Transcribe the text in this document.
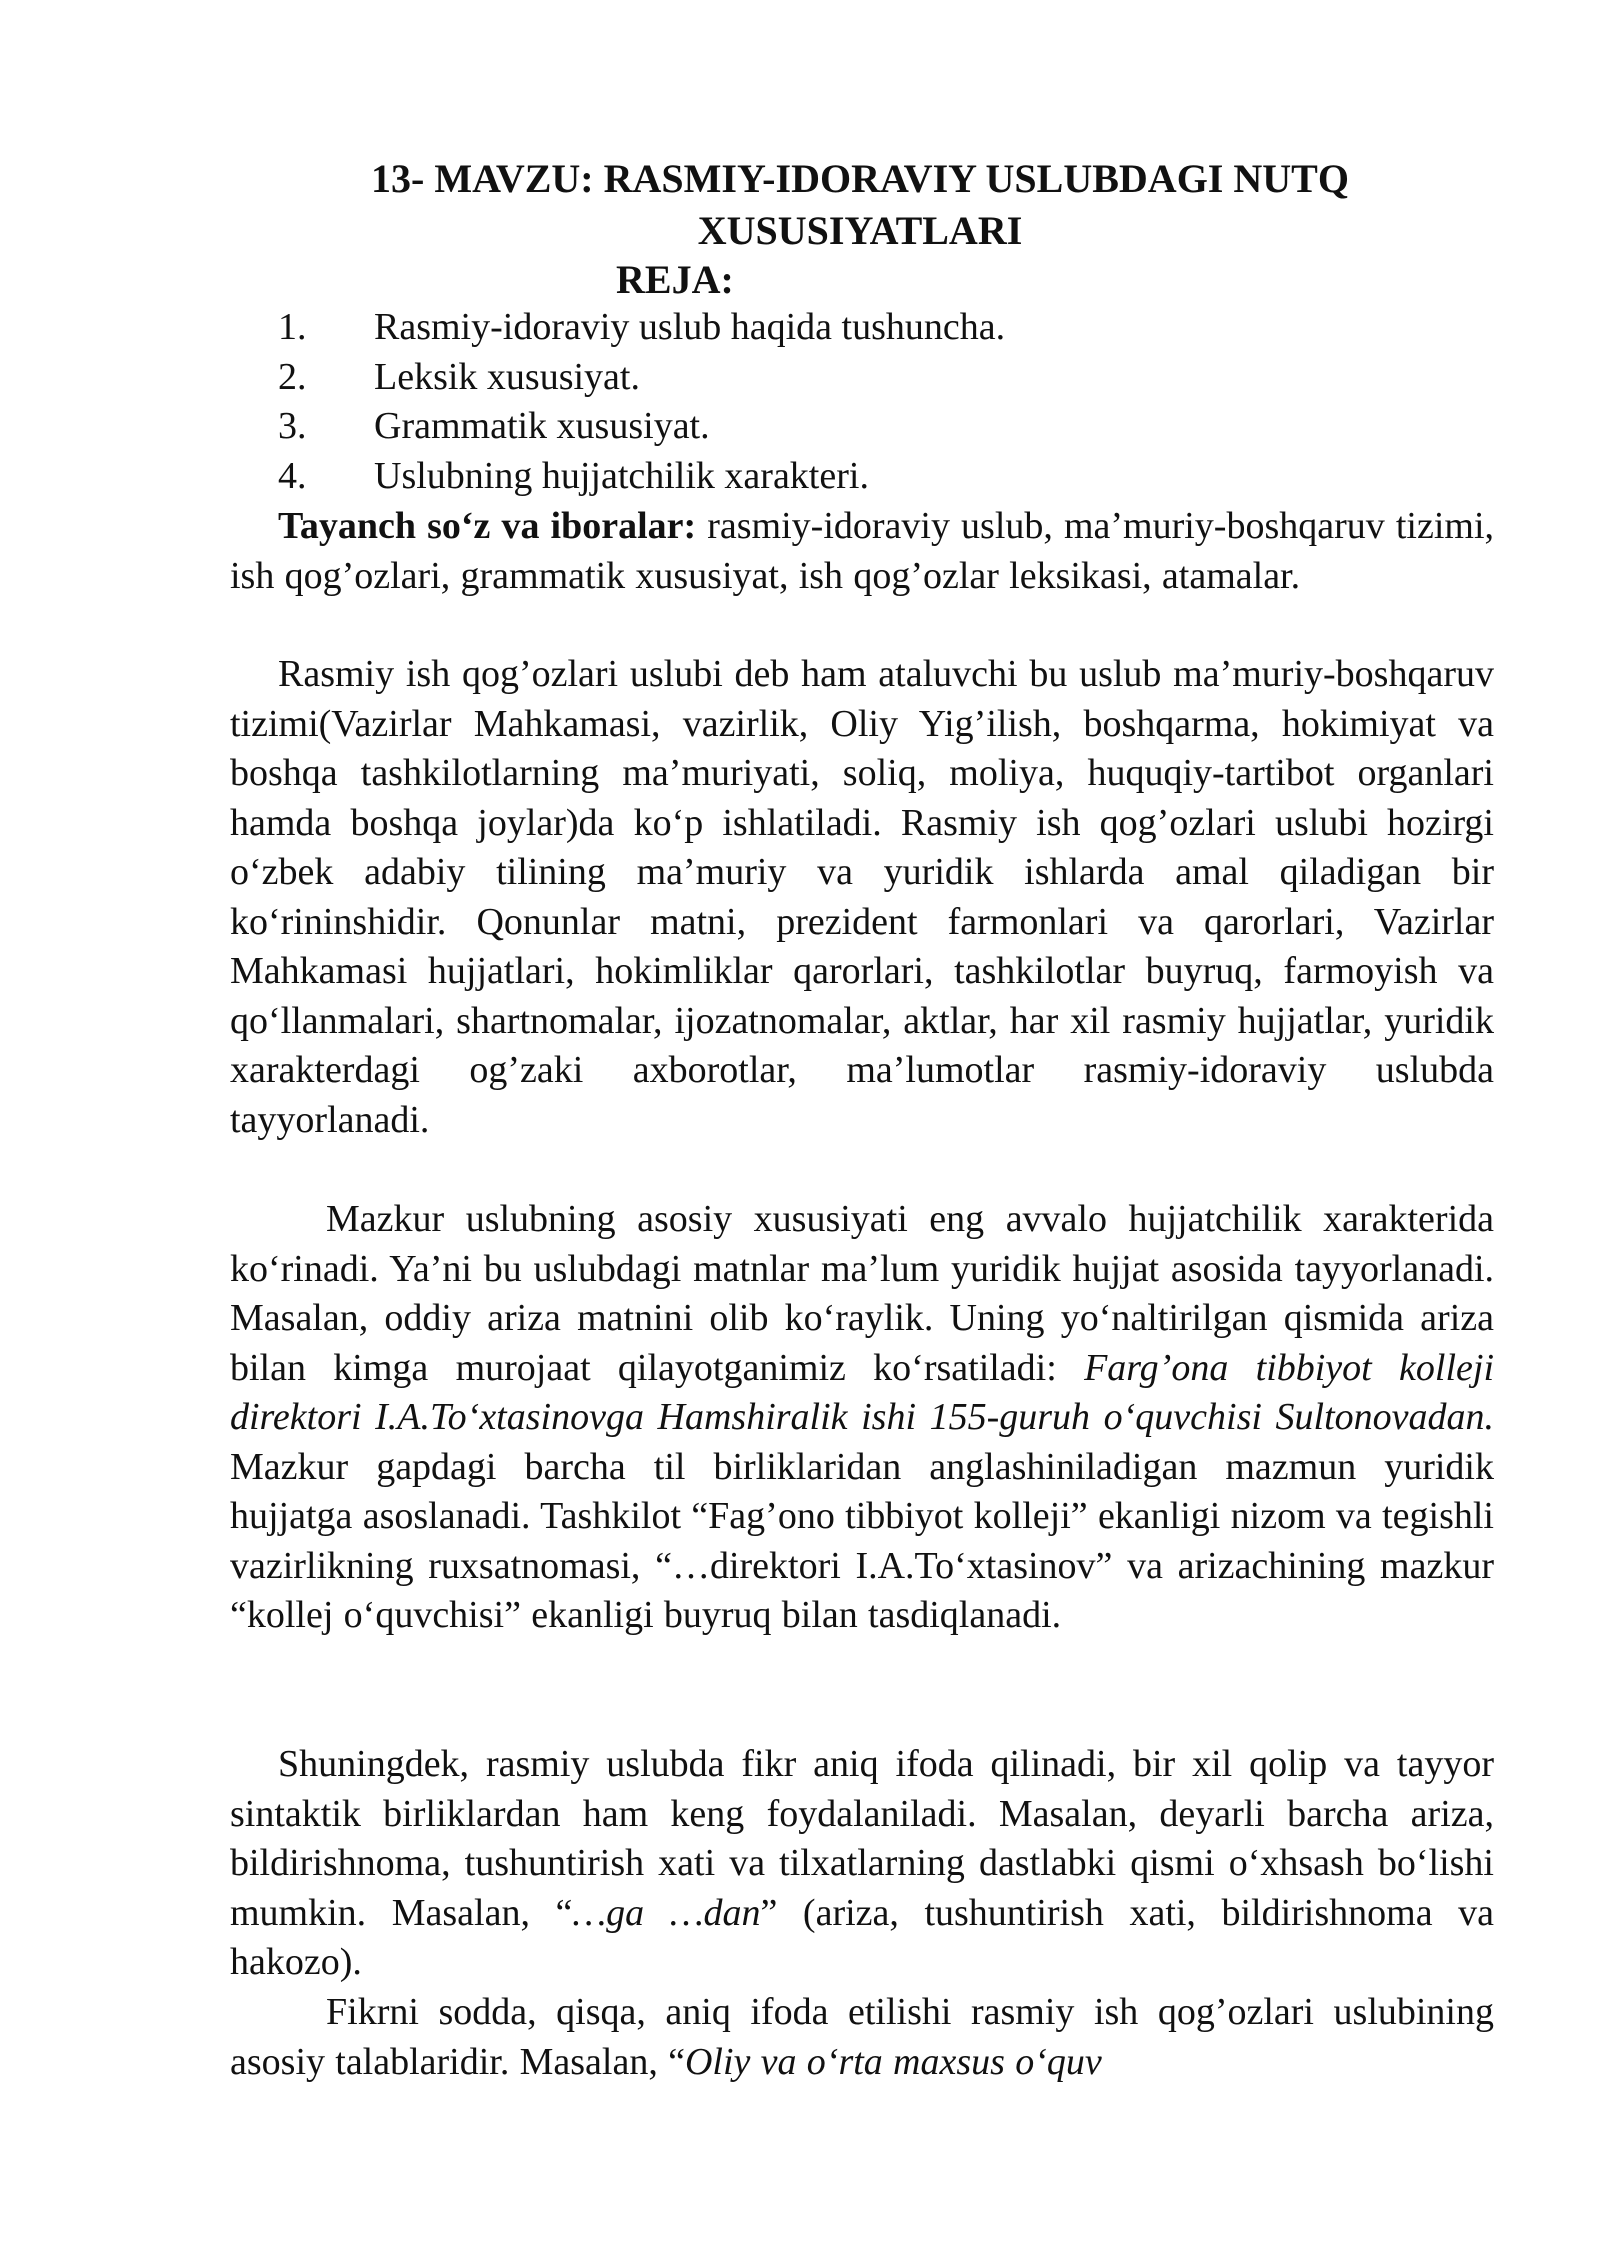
13- MAVZU: RASMIY-IDORAVIY USLUBDAGI NUTQ
XUSUSIYATLARI
REJA:
1.	Rasmiy-idoraviy uslub haqida tushuncha.
2.	Leksik xususiyat.
3.	Grammatik xususiyat.
4.	Uslubning hujjatchilik xarakteri.

Tayanch so‘z va iboralar: rasmiy-idoraviy uslub, ma’muriy-boshqaruv tizimi, ish qog’ozlari, grammatik xususiyat, ish qog’ozlar leksikasi, atamalar.

Rasmiy ish qog’ozlari uslubi deb ham ataluvchi bu uslub ma’muriy-boshqaruv tizimi(Vazirlar Mahkamasi, vazirlik, Oliy Yig’ilish, boshqarma, hokimiyat va boshqa tashkilotlarning ma’muriyati, soliq, moliya, huquqiy-tartibot organlari hamda boshqa joylar)da ko‘p ishlatiladi. Rasmiy ish qog’ozlari uslubi hozirgi o‘zbek adabiy tilining ma’muriy va yuridik ishlarda amal qiladigan bir ko‘rininshidir. Qonunlar matni, prezident farmonlari va qarorlari, Vazirlar Mahkamasi hujjatlari, hokimliklar qarorlari, tashkilotlar buyruq, farmoyish va qo‘llanmalari, shartnomalar, ijozatnomalar, aktlar, har xil rasmiy hujjatlar, yuridik xarakterdagi og’zaki axborotlar, ma’lumotlar rasmiy-idoraviy uslubda tayyorlanadi.

Mazkur uslubning asosiy xususiyati eng avvalo hujjatchilik xarakterida ko‘rinadi. Ya’ni bu uslubdagi matnlar ma’lum yuridik hujjat asosida tayyorlanadi. Masalan, oddiy ariza matnini olib ko‘raylik. Uning yo‘naltirilgan qismida ariza bilan kimga murojaat qilayotganimiz ko‘rsatiladi: Farg’ona tibbiyot kolleji direktori I.A.To‘xtasinovga Hamshiralik ishi 155-guruh o‘quvchisi Sultonovadan. Mazkur gapdagi barcha til birliklaridan anglashiniladigan mazmun yuridik hujjatga asoslanadi. Tashkilot “Fag’ono tibbiyot kolleji” ekanligi nizom va tegishli vazirlikning ruxsatnomasi, “…direktori I.A.To‘xtasinov” va arizachining mazkur “kollej o‘quvchisi” ekanligi buyruq bilan tasdiqlanadi.

Shuningdek, rasmiy uslubda fikr aniq ifoda qilinadi, bir xil qolip va tayyor sintaktik birliklardan ham keng foydalaniladi. Masalan, deyarli barcha ariza, bildirishnoma, tushuntirish xati va tilxatlarning dastlabki qismi o‘xhsash bo‘lishi mumkin. Masalan, “…ga …dan” (ariza, tushuntirish xati, bildirishnoma va hakozo).

Fikrni sodda, qisqa, aniq ifoda etilishi rasmiy ish qog’ozlari uslubining asosiy talablaridir. Masalan, “Oliy va o‘rta maxsus o‘quv
